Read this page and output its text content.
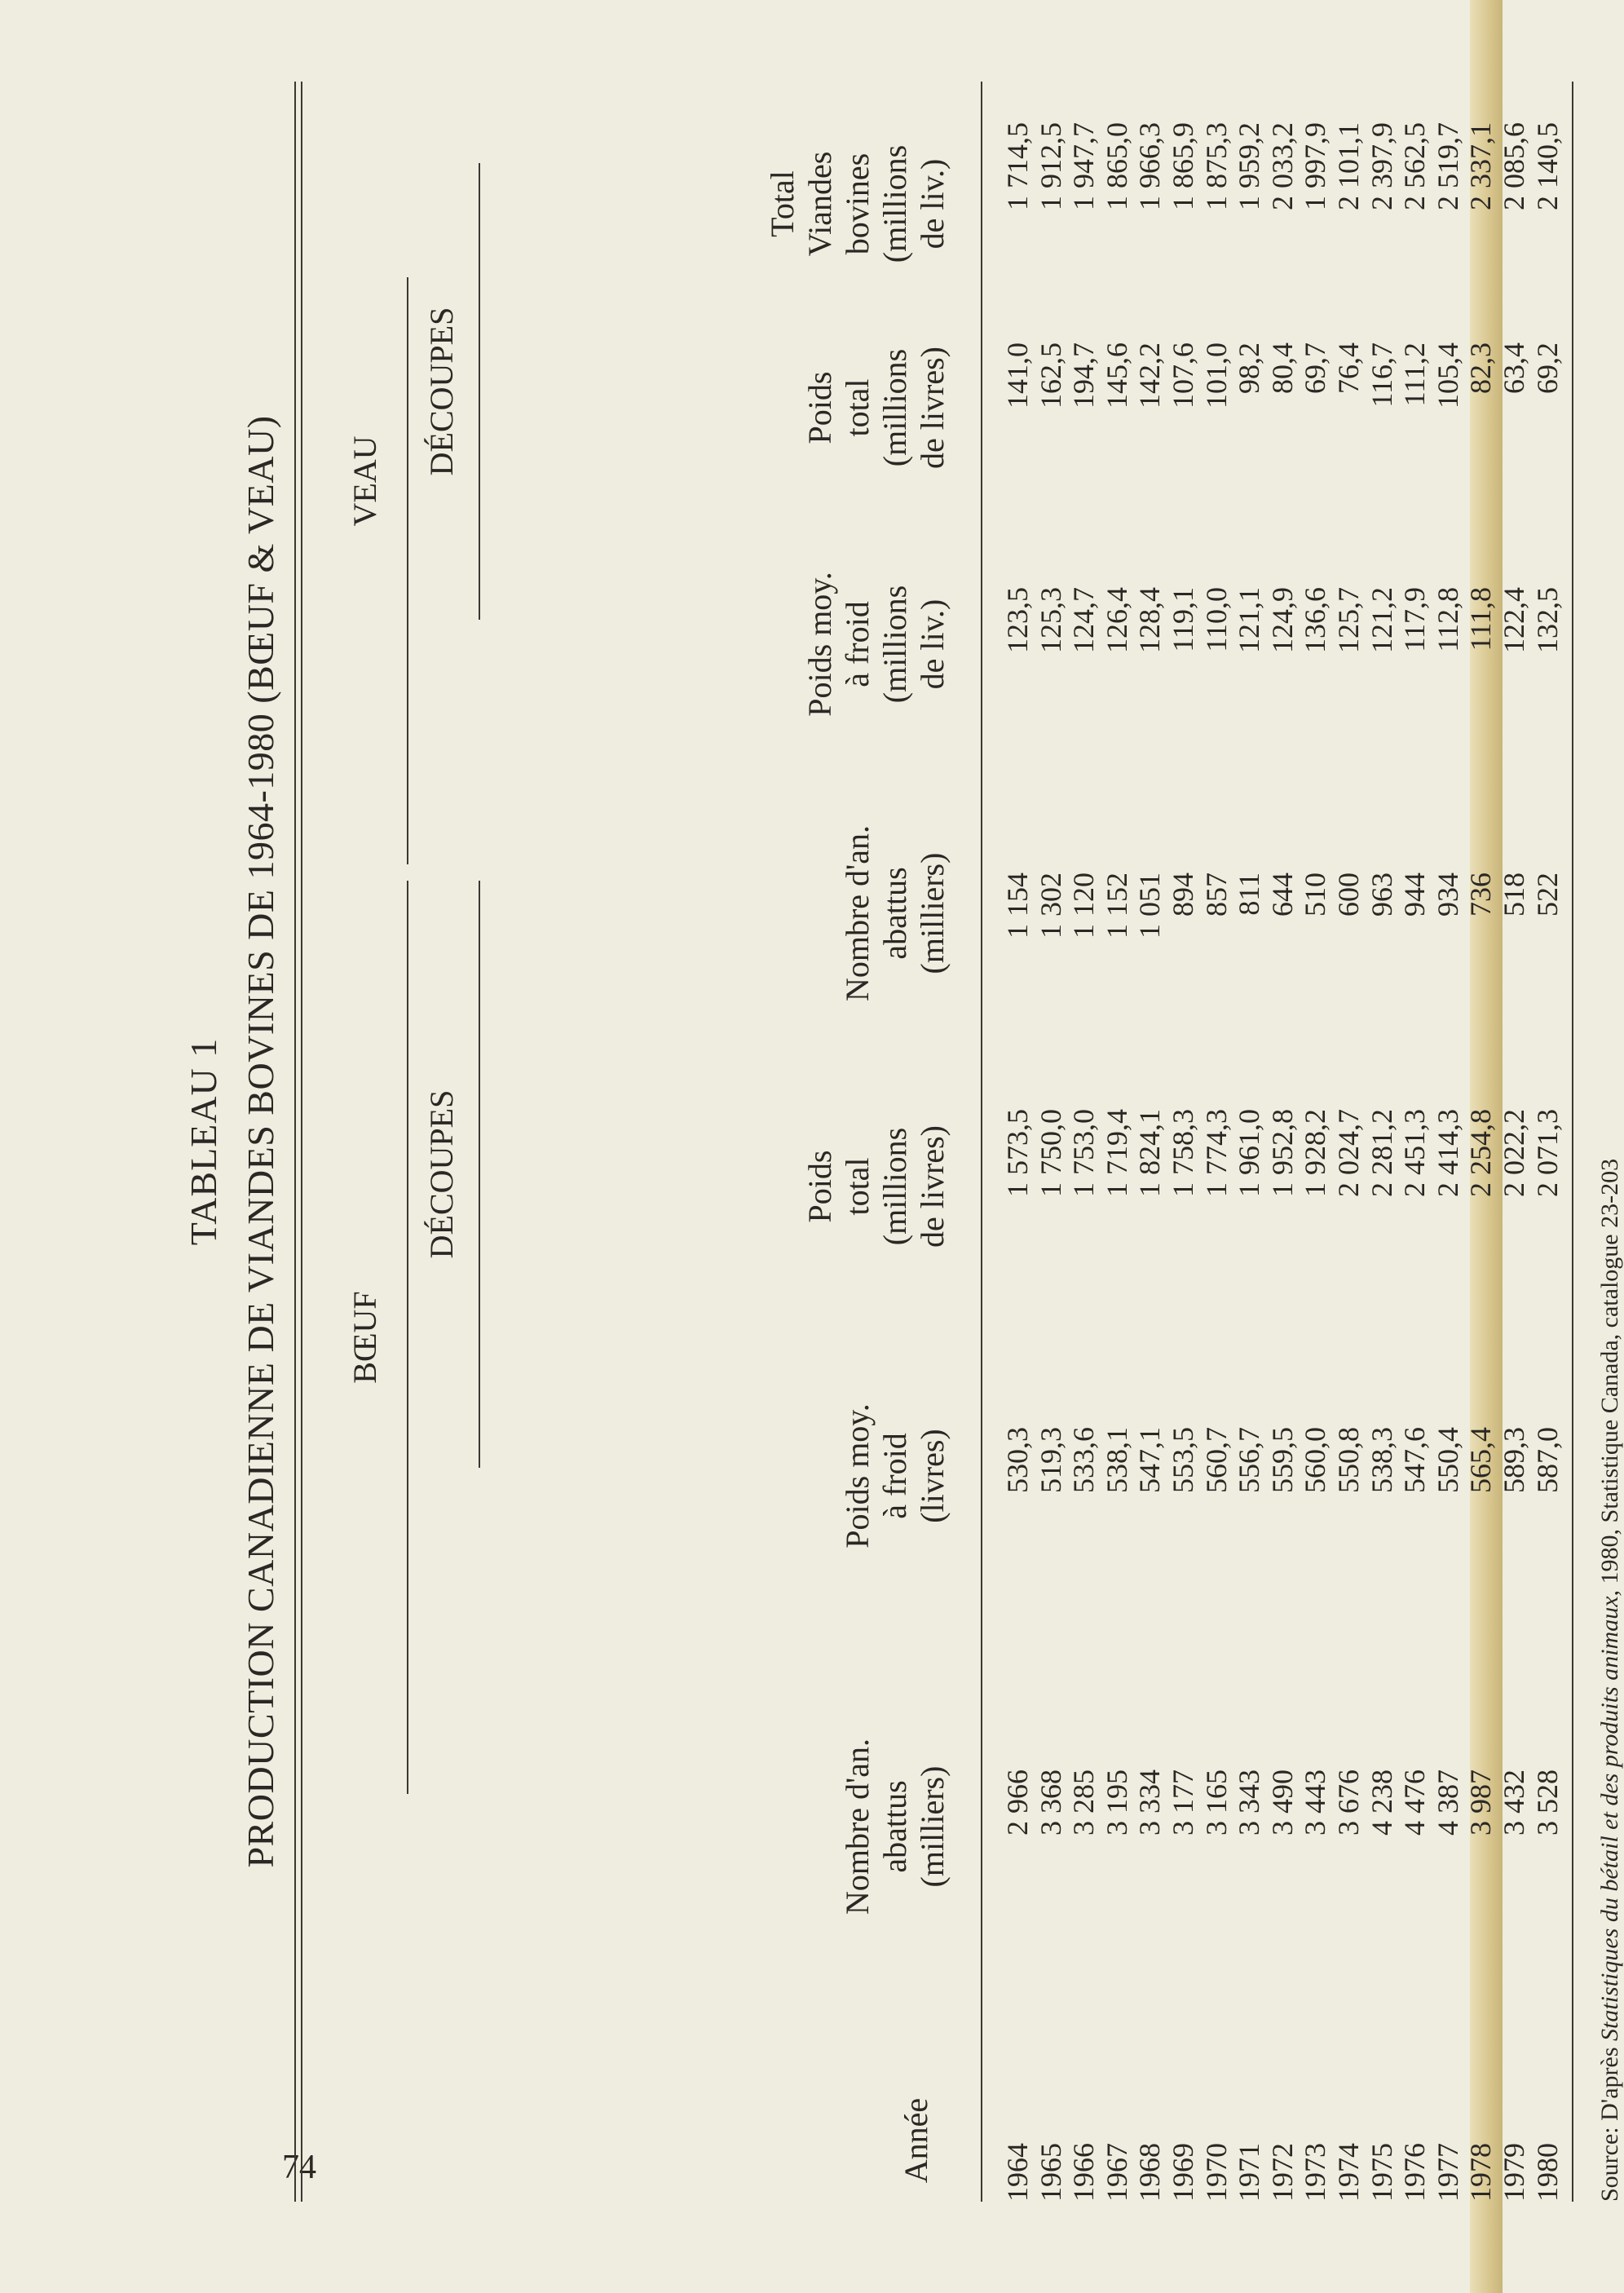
74
TABLEAU 1 PRODUCTION CANADIENNE DE VIANDES BOVINES DE 1964-1980 (BŒUF & VEAU) BŒUF
VEAU
DÉCOUPES
DÉCOUPES
Année
Nombre d'an. abattus (milliers)
Poids moy. à froid (livres)
Poids total (millions de livres)
Nombre d'an. abattus (milliers)
Poids moy. à froid (millions de liv.)
Poids total (millions de livres)
Total Viandes bovines (millions de liv.)
1964 1965 1966 1967 1968 1969 1970 1971 1972 1973 1974 1975 1976 1977 1978 1979 1980
2 966 3 368 3 285 3 195 3 334 3 177 3 165 3 343 3 490 3 443 3 676 4 238 4 476 4 387 3 987 3 432 3 528
530,3 519,3 533,6 538,1 547,1 553,5 560,7 556,7 559,5 560,0 550,8 538,3 547,6 550,4 565,4 589,3 587,0
1 573,5 1 750,0 1 753,0 1 719,4 1 824,1 1 758,3 1 774,3 1 961,0 1 952,8 1 928,2 2 024,7 2 281,2 2 451,3 2 414,3 2 254,8 2 022,2 2 071,3
1 154 1 302 1 120 1 152 1 051 894 857 811 644 510 600 963 944 934 736 518 522
123,5 125,3 124,7 126,4 128,4 119,1 110,0 121,1 124,9 136,6 125,7 121,2 117,9 112,8 111,8 122,4 132,5
141,0 162,5 194,7 145,6 142,2 107,6 101,0 98,2 80,4 69,7 76,4 116,7 111,2 105,4 82,3 63,4 69,2
1 714,5 1 912,5 1 947,7 1 865,0 1 966,3 1 865,9 1 875,3 1 959,2 2 033,2 1 997,9 2 101,1 2 397,9 2 562,5 2 519,7 2 337,1 2 085,6 2 140,5
Source: D'après Statistiques du bétail et des produits animaux, 1980, Statistique Canada, catalogue 23-203
